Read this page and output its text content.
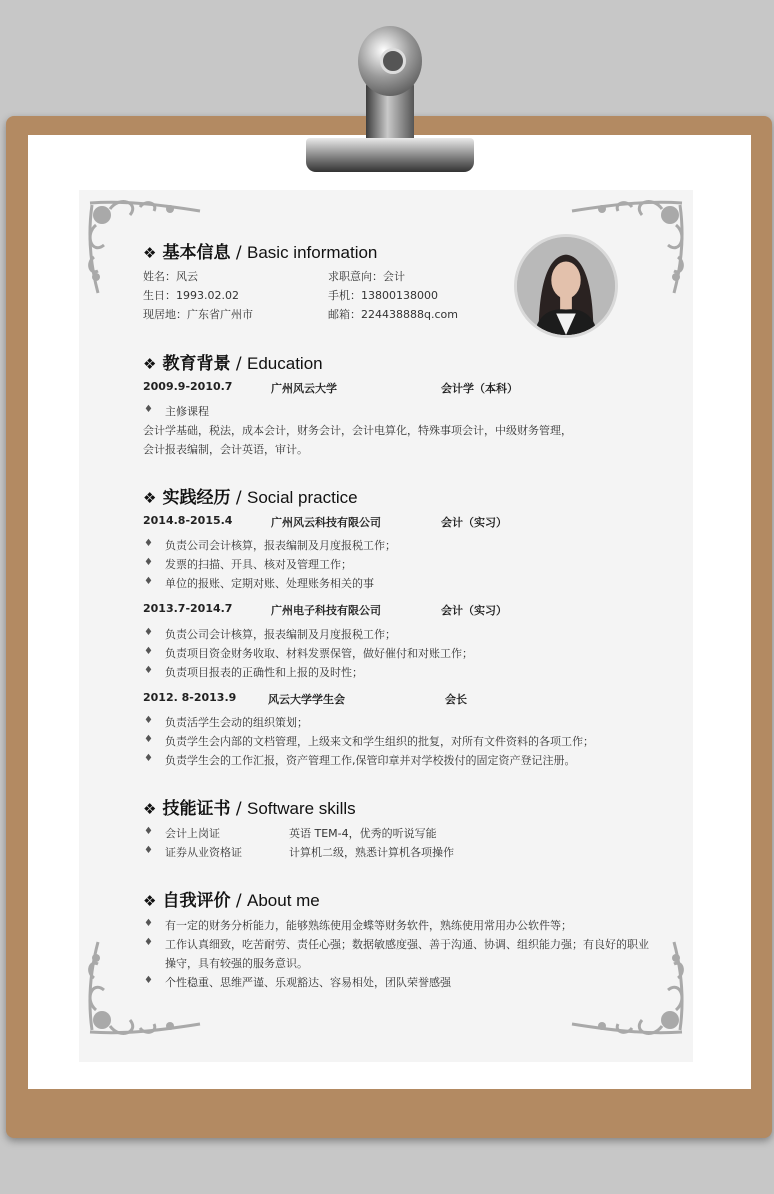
❖ 基本信息 / Basic information
姓名：风云	求职意向：会计
生日：1993.02.02	手机：13800138000
现居地：广东省广州市	邮箱：224438888q.com
❖ 教育背景 / Education
2009.9-2010.7	广州风云大学	会计学（本科）
♦ 主修课程
会计学基础，税法，成本会计，财务会计，会计电算化，特殊事项会计，中级财务管理，
会计报表编制，会计英语，审计。
❖ 实践经历 / Social practice
2014.8-2015.4	广州风云科技有限公司	会计（实习）
♦ 负责公司会计核算，报表编制及月度报税工作；
♦ 发票的扫描、开具、核对及管理工作；
♦ 单位的报账、定期对账、处理账务相关的事
2013.7-2014.7	广州电子科技有限公司	会计（实习）
♦ 负责公司会计核算，报表编制及月度报税工作；
♦ 负责项目资金财务收取、材料发票保管，做好催付和对账工作；
♦ 负责项目报表的正确性和上报的及时性；
2012. 8-2013.9	风云大学学生会	会长
♦ 负责活学生会动的组织策划；
♦ 负责学生会内部的文档管理，上级来文和学生组织的批复，对所有文件资料的各项工作；
♦ 负责学生会的工作汇报，资产管理工作,保管印章并对学校拨付的固定资产登记注册。
❖ 技能证书 / Software skills
♦ 会计上岗证	英语 TEM-4，优秀的听说写能
♦ 证券从业资格证	计算机二级，熟悉计算机各项操作
❖ 自我评价 / About me
♦ 有一定的财务分析能力，能够熟练使用金蝶等财务软件，熟练使用常用办公软件等；
♦ 工作认真细致，吃苦耐劳、责任心强；数据敏感度强、善于沟通、协调、组织能力强；有良好的职业
操守，具有较强的服务意识。
♦ 个性稳重、思维严谨、乐观豁达、容易相处，团队荣誉感强
